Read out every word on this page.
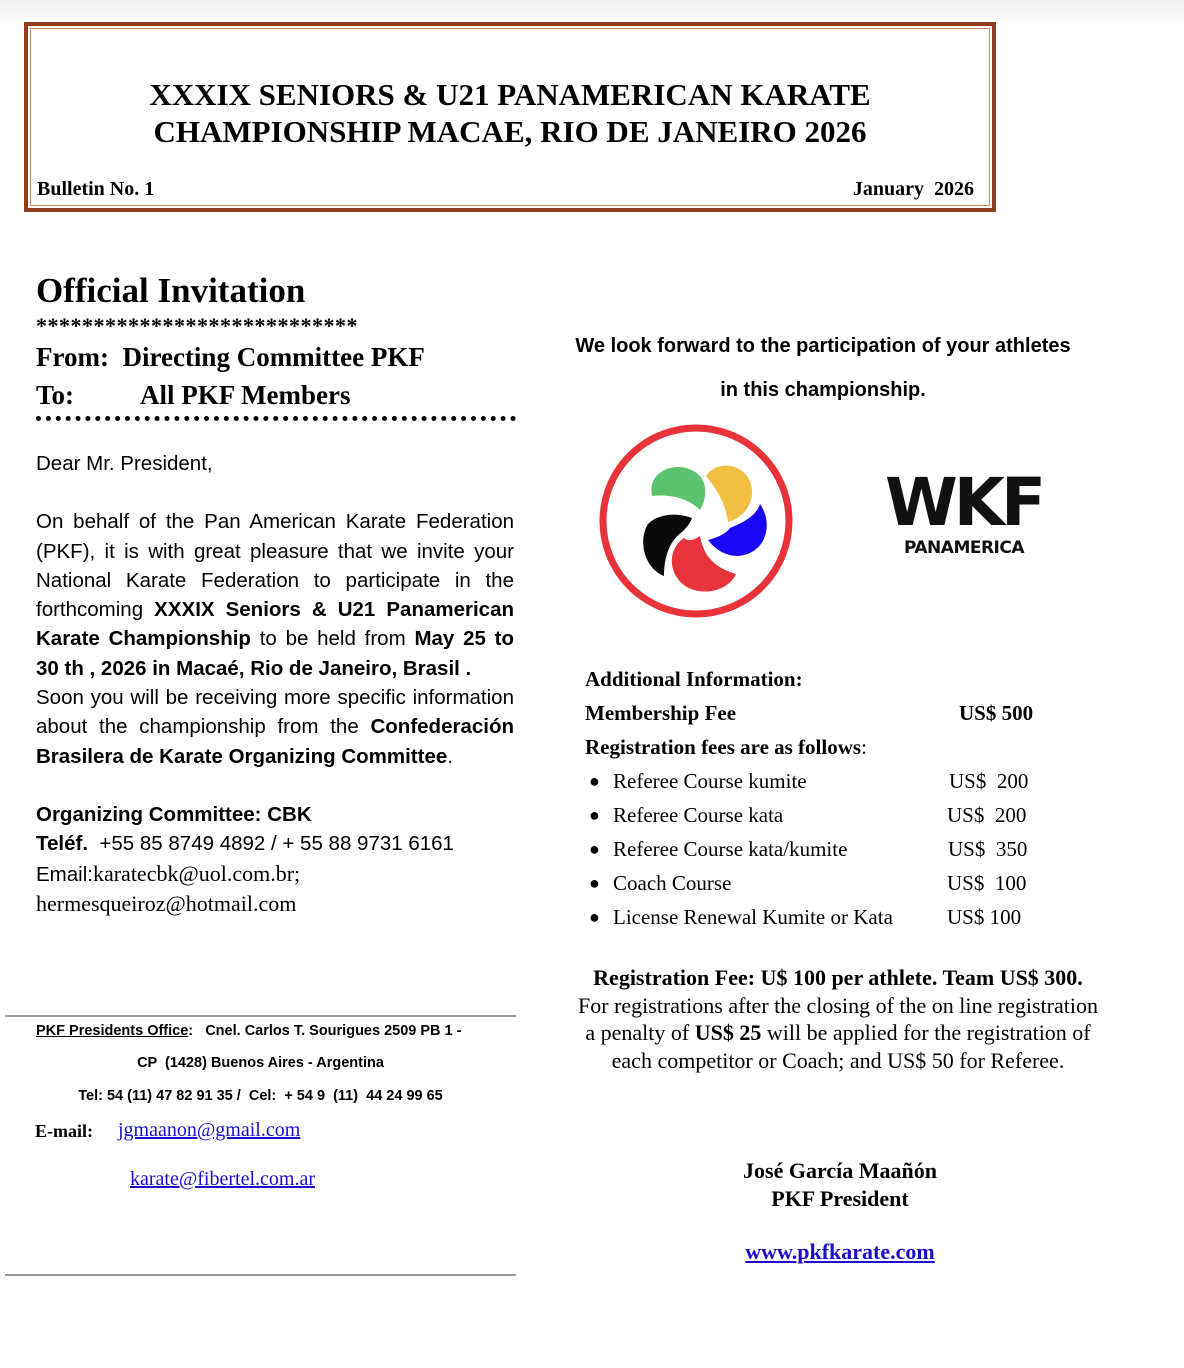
XXXIX SENIORS & U21 PANAMERICAN KARATE
CHAMPIONSHIP MACAE, RIO DE JANEIRO 2026
Bulletin No. 1	January  2026
Official Invitation
****************************
From:  Directing Committee PKF
To:          All PKF Members

Dear Mr. President,

On behalf of the Pan American Karate Federation (PKF), it is with great pleasure that we invite your National Karate Federation to participate in the forthcoming XXXIX Seniors & U21 Panamerican Karate Championship to be held from May 25 to 30 th , 2026 in Macaé, Rio de Janeiro, Brasil .

Soon you will be receiving more specific information about the championship from the Confederación Brasilera de Karate Organizing Committee.

Organizing Committee: CBK
Teléf.  +55 85 8749 4892 / + 55 88 9731 6161
Email:karatecbk@uol.com.br;
hermesqueiroz@hotmail.com
PKF Presidents Office:   Cnel. Carlos T. Sourigues 2509 PB 1 -
CP  (1428) Buenos Aires - Argentina
Tel: 54 (11) 47 82 91 35 /  Cel:  + 54 9  (11)  44 24 99 65
E-mail: jgmaanon@gmail.com
karate@fibertel.com.ar
We look forward to the participation of your athletes
in this championship.
WKF
PANAMERICA
Additional Information:
Membership Fee	US$ 500
Registration fees are as follows:
● Referee Course kumite	US$  200
● Referee Course kata	US$  200
● Referee Course kata/kumite	US$  350
● Coach Course	US$  100
● License Renewal Kumite or Kata	US$ 100
Registration Fee: U$ 100 per athlete. Team US$ 300.
For registrations after the closing of the on line registration a penalty of US$ 25 will be applied for the registration of each competitor or Coach; and US$ 50 for Referee.
José García Maañón
PKF President
www.pkfkarate.com
